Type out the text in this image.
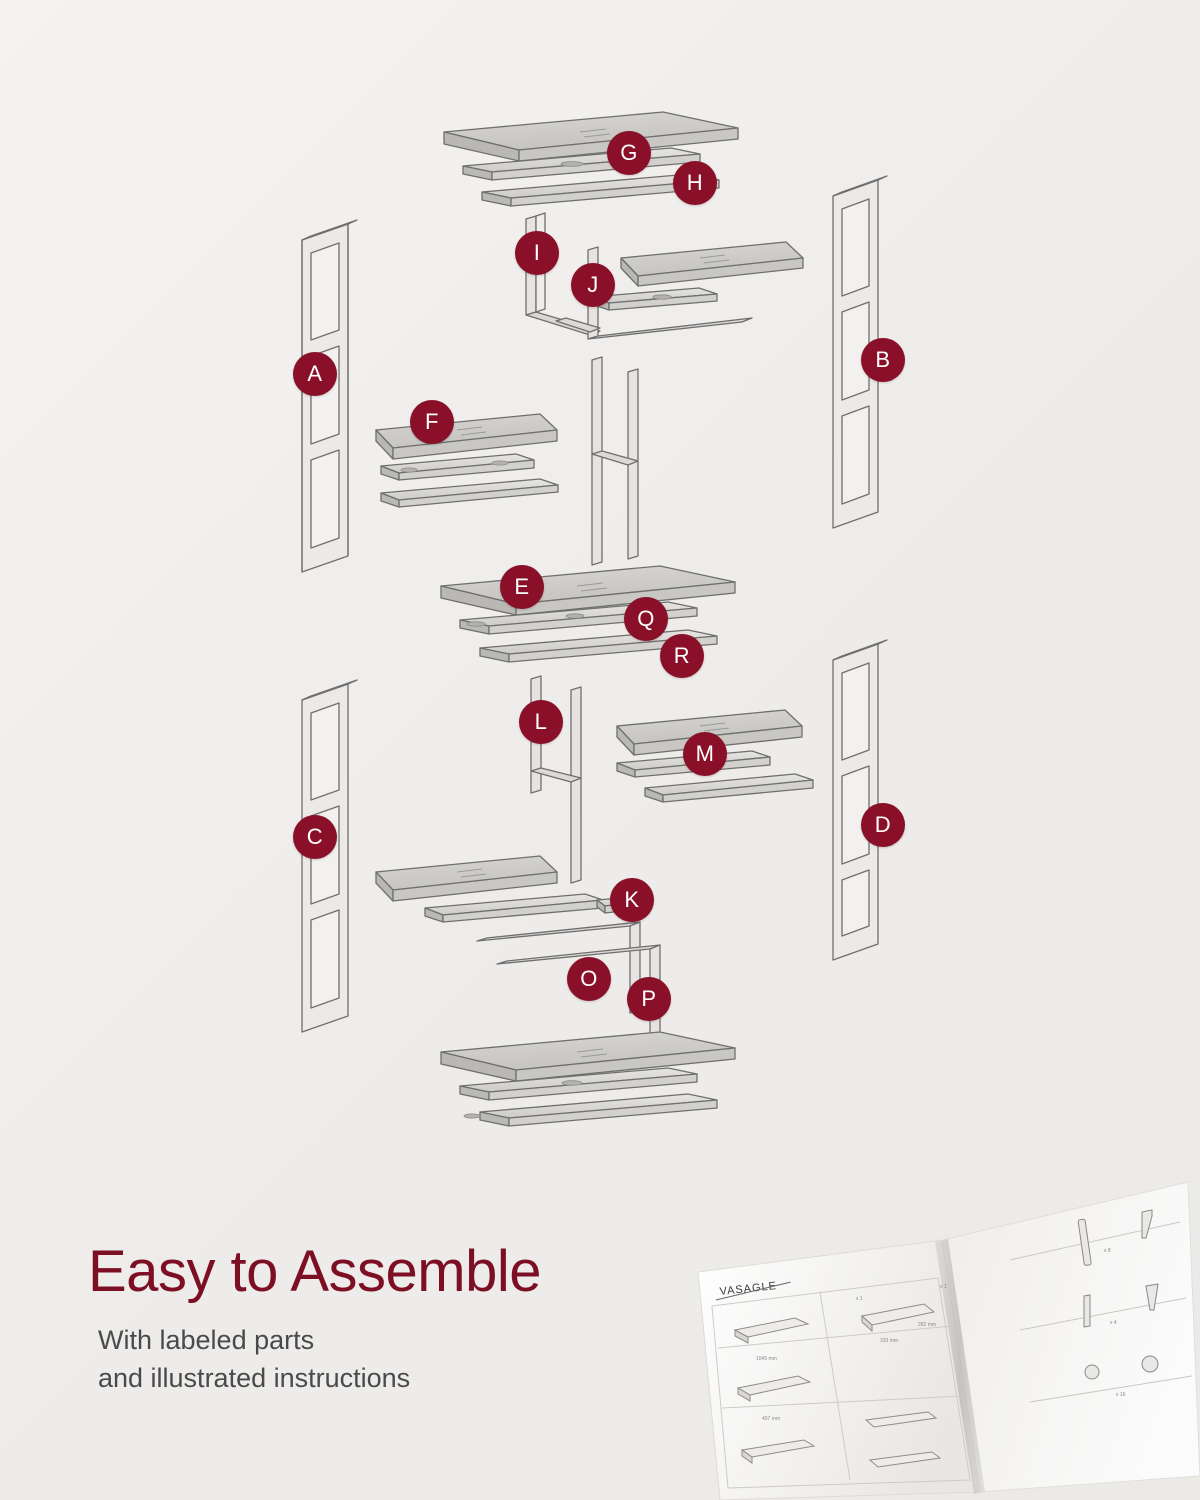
A
B
C	D
E
F
G
H
I
J
K
L
M
O
P
Q
R
Easy to Assemble

With labeled parts
and illustrated instructions

VASAGLE
x 1
x 1
1045 mm
333 mm
282 mm
407 mm
x 8
x 4
x 16
